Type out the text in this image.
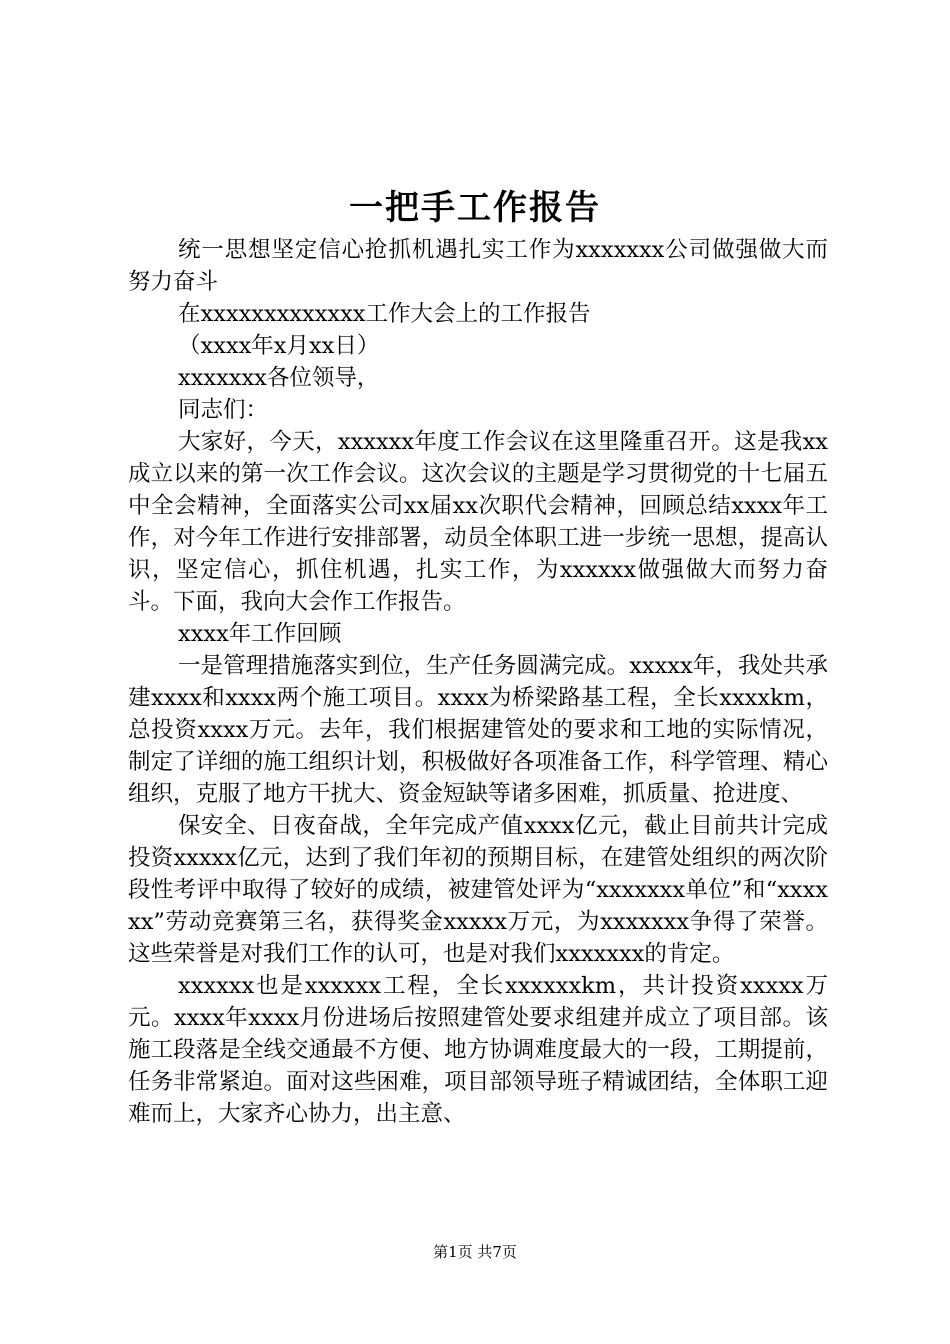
一把手工作报告

统一思想坚定信心抢抓机遇扎实工作为xxxxxxx公司做强做大而努力奋斗

在xxxxxxxxxxxxx工作大会上的工作报告

（xxxx年x月xx日）

xxxxxxx各位领导，

同志们：

大家好，今天，xxxxxx年度工作会议在这里隆重召开。这是我xx成立以来的第一次工作会议。这次会议的主题是学习贯彻党的十七届五中全会精神，全面落实公司xx届xx次职代会精神，回顾总结xxxx年工作，对今年工作进行安排部署，动员全体职工进一步统一思想，提高认识，坚定信心，抓住机遇，扎实工作，为xxxxxx做强做大而努力奋斗。下面，我向大会作工作报告。

xxxx年工作回顾

一是管理措施落实到位，生产任务圆满完成。xxxxx年，我处共承建xxxx和xxxx两个施工项目。xxxx为桥梁路基工程，全长xxxxkm，总投资xxxx万元。去年，我们根据建管处的要求和工地的实际情况，制定了详细的施工组织计划，积极做好各项准备工作，科学管理、精心组织，克服了地方干扰大、资金短缺等诸多困难，抓质量、抢进度、

保安全、日夜奋战，全年完成产值xxxx亿元，截止目前共计完成投资xxxxx亿元，达到了我们年初的预期目标，在建管处组织的两次阶段性考评中取得了较好的成绩，被建管处评为“xxxxxxx单位”和“xxxxxx”劳动竞赛第三名，获得奖金xxxxx万元，为xxxxxxx争得了荣誉。这些荣誉是对我们工作的认可，也是对我们xxxxxxx的肯定。

xxxxxx也是xxxxxx工程，全长xxxxxxkm，共计投资xxxxx万元。xxxx年xxxx月份进场后按照建管处要求组建并成立了项目部。该施工段落是全线交通最不方便、地方协调难度最大的一段，工期提前，任务非常紧迫。面对这些困难，项目部领导班子精诚团结，全体职工迎难而上，大家齐心协力，出主意、

第1页 共7页
